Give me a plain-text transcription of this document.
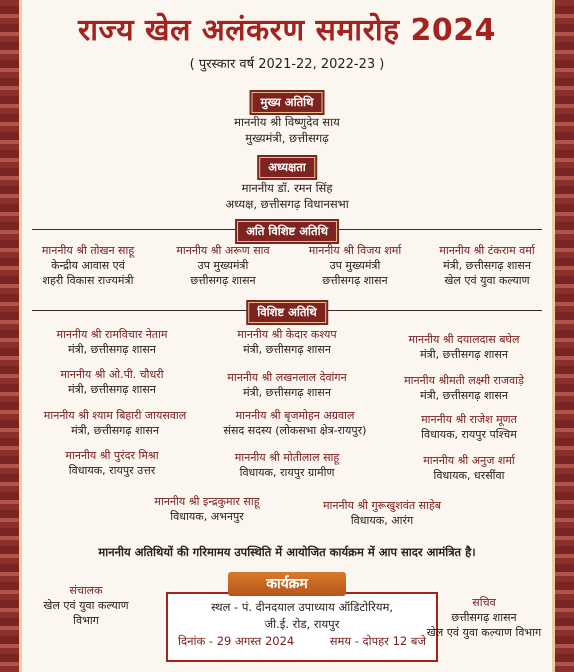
राज्य खेल अलंकरण समारोह 2024
( पुरस्कार वर्ष 2021-22, 2022-23 )
मुख्य अतिथि
माननीय श्री विष्णुदेव साय
मुख्यमंत्री, छत्तीसगढ़
अध्यक्षता
माननीय डॉ. रमन सिंह
अध्यक्ष, छत्तीसगढ़ विधानसभा
अति विशिष्ट अतिथि
माननीय श्री तोखन साहू
केन्द्रीय आवास एवं
शहरी विकास राज्यमंत्री
माननीय श्री अरूण साव
उप मुख्यमंत्री
छत्तीसगढ़ शासन
माननीय श्री विजय शर्मा
उप मुख्यमंत्री
छत्तीसगढ़ शासन
माननीय श्री टंकराम वर्मा
मंत्री, छत्तीसगढ़ शासन
खेल एवं युवा कल्याण
विशिष्ट अतिथि
माननीय श्री रामविचार नेताम
मंत्री, छत्तीसगढ़ शासन
माननीय श्री केदार कश्यप
मंत्री, छत्तीसगढ़ शासन
माननीय श्री दयालदास बघेल
मंत्री, छत्तीसगढ़ शासन
माननीय श्री ओ.पी. चौधरी
मंत्री, छत्तीसगढ़ शासन
माननीय श्री लखनलाल देवांगन
मंत्री, छत्तीसगढ़ शासन
माननीय श्रीमती लक्ष्मी राजवाड़े
मंत्री, छत्तीसगढ़ शासन
माननीय श्री श्याम बिहारी जायसवाल
मंत्री, छत्तीसगढ़ शासन
माननीय श्री बृजमोहन अग्रवाल
संसद सदस्य (लोकसभा क्षेत्र-रायपुर)
माननीय श्री राजेश मूणत
विधायक, रायपुर पश्चिम
माननीय श्री पुरंदर मिश्रा
विधायक, रायपुर उत्तर
माननीय श्री मोतीलाल साहू
विधायक, रायपुर ग्रामीण
माननीय श्री अनुज शर्मा
विधायक, धरसींवा
माननीय श्री इन्द्रकुमार साहू
विधायक, अभनपुर
माननीय श्री गुरूखुशवंत साहेब
विधायक, आरंग
माननीय अतिथियों की गरिमामय उपस्थिति में आयोजित कार्यक्रम में आप सादर आमंत्रित है।
संचालक
खेल एवं युवा कल्याण
विभाग
स्थल - पं. दीनदयाल उपाध्याय ऑडिटोरियम,
जी.ई. रोड, रायपुर
दिनांक - 29 अगस्त 2024	समय - दोपहर 12 बजे
कार्यक्रम
सचिव
छत्तीसगढ़ शासन
खेल एवं युवा कल्याण विभाग
